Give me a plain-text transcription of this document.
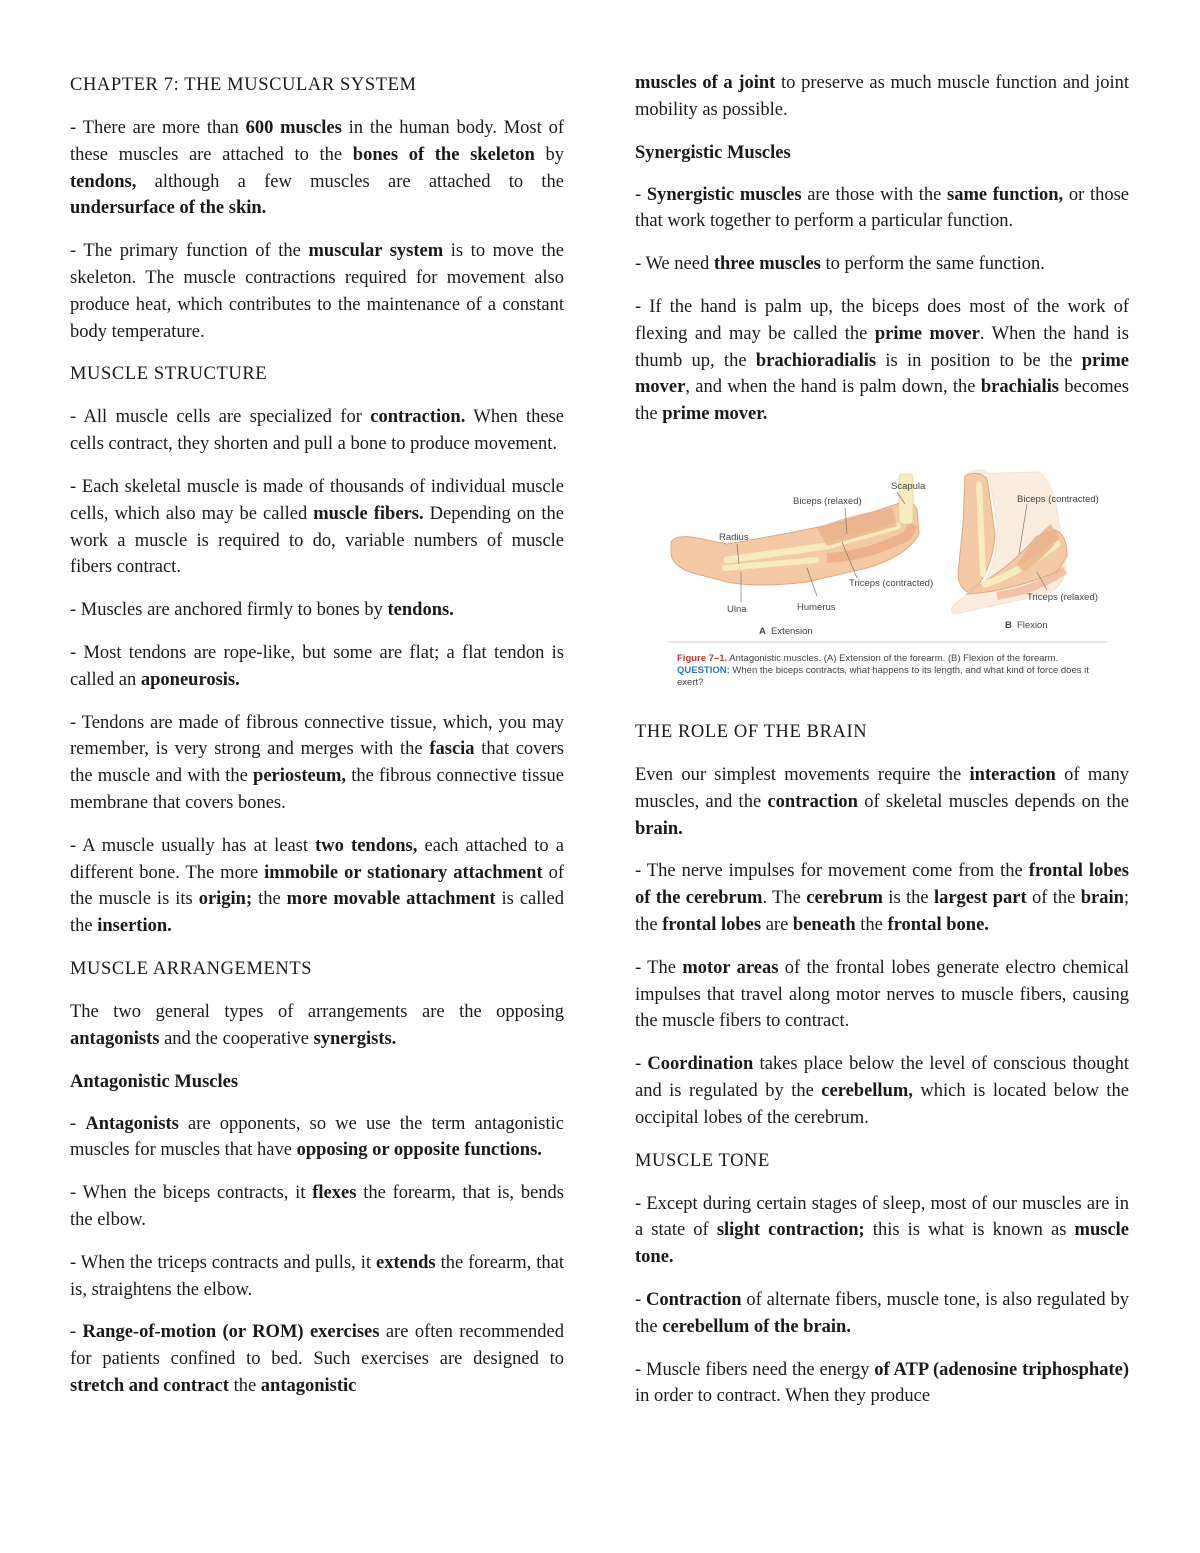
CHAPTER 7: THE MUSCULAR SYSTEM

- There are more than 600 muscles in the human body. Most of these muscles are attached to the bones of the skeleton by tendons, although a few muscles are attached to the undersurface of the skin.

- The primary function of the muscular system is to move the skeleton. The muscle contractions required for movement also produce heat, which contributes to the maintenance of a constant body temperature.

MUSCLE STRUCTURE

- All muscle cells are specialized for contraction. When these cells contract, they shorten and pull a bone to produce movement.

- Each skeletal muscle is made of thousands of individual muscle cells, which also may be called muscle fibers. Depending on the work a muscle is required to do, variable numbers of muscle fibers contract.

- Muscles are anchored firmly to bones by tendons.

- Most tendons are rope-like, but some are flat; a flat tendon is called an aponeurosis.

- Tendons are made of fibrous connective tissue, which, you may remember, is very strong and merges with the fascia that covers the muscle and with the periosteum, the fibrous connective tissue membrane that covers bones.

- A muscle usually has at least two tendons, each attached to a different bone. The more immobile or stationary attachment of the muscle is its origin; the more movable attachment is called the insertion.

MUSCLE ARRANGEMENTS

The two general types of arrangements are the opposing antagonists and the cooperative synergists.

Antagonistic Muscles

- Antagonists are opponents, so we use the term antagonistic muscles for muscles that have opposing or opposite functions.

- When the biceps contracts, it flexes the forearm, that is, bends the elbow.

- When the triceps contracts and pulls, it extends the forearm, that is, straightens the elbow.

- Range-of-motion (or ROM) exercises are often recommended for patients confined to bed. Such exercises are designed to stretch and contract the antagonistic

muscles of a joint to preserve as much muscle function and joint mobility as possible.

Synergistic Muscles

- Synergistic muscles are those with the same function, or those that work together to perform a particular function.

- We need three muscles to perform the same function.

- If the hand is palm up, the biceps does most of the work of flexing and may be called the prime mover. When the hand is thumb up, the brachioradialis is in position to be the prime mover, and when the hand is palm down, the brachialis becomes the prime mover.

Biceps (relaxed)
Scapula
Biceps (contracted)
Radius
Triceps (contracted)
Ulna	Humerus
Triceps (relaxed)
A Extension
B Flexion
Figure 7–1. Antagonistic muscles. (A) Extension of the forearm. (B) Flexion of the forearm.
QUESTION: When the biceps contracts, what happens to its length, and what kind of force does it exert?
THE ROLE OF THE BRAIN

Even our simplest movements require the interaction of many muscles, and the contraction of skeletal muscles depends on the brain.

- The nerve impulses for movement come from the frontal lobes of the cerebrum. The cerebrum is the largest part of the brain; the frontal lobes are beneath the frontal bone.

- The motor areas of the frontal lobes generate electro chemical impulses that travel along motor nerves to muscle fibers, causing the muscle fibers to contract.

- Coordination takes place below the level of conscious thought and is regulated by the cerebellum, which is located below the occipital lobes of the cerebrum.

MUSCLE TONE

- Except during certain stages of sleep, most of our muscles are in a state of slight contraction; this is what is known as muscle tone.

- Contraction of alternate fibers, muscle tone, is also regulated by the cerebellum of the brain.

- Muscle fibers need the energy of ATP (adenosine triphosphate) in order to contract. When they produce
